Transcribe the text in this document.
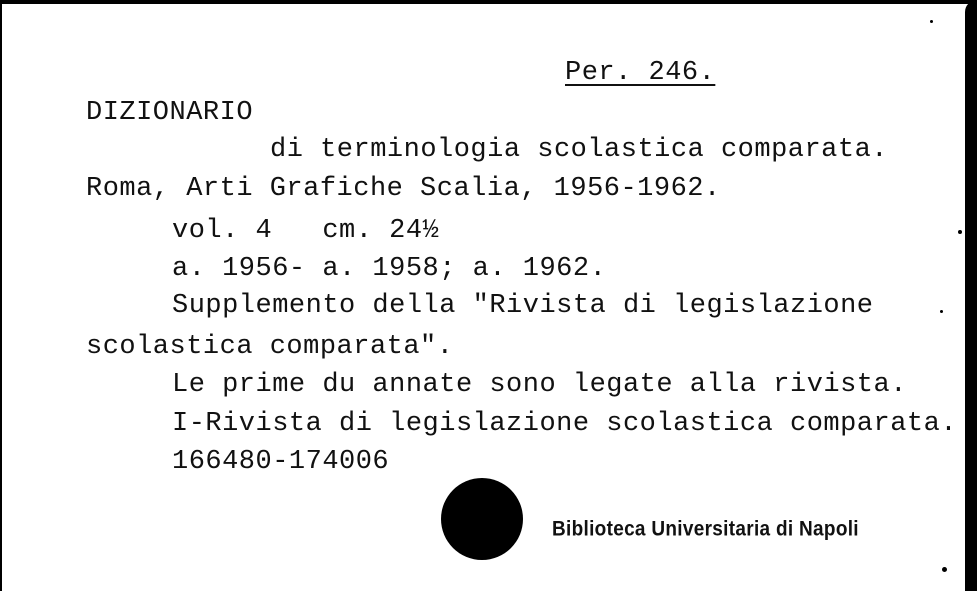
Per. 246.
DIZIONARIO
di terminologia scolastica comparata.
Roma, Arti Grafiche Scalia, 1956-1962.
vol. 4   cm. 24½
a. 1956- a. 1958; a. 1962.
Supplemento della "Rivista di legislazione
scolastica comparata".
Le prime du annate sono legate alla rivista.
I-Rivista di legislazione scolastica comparata.
166480-174006
Biblioteca Universitaria di Napoli
